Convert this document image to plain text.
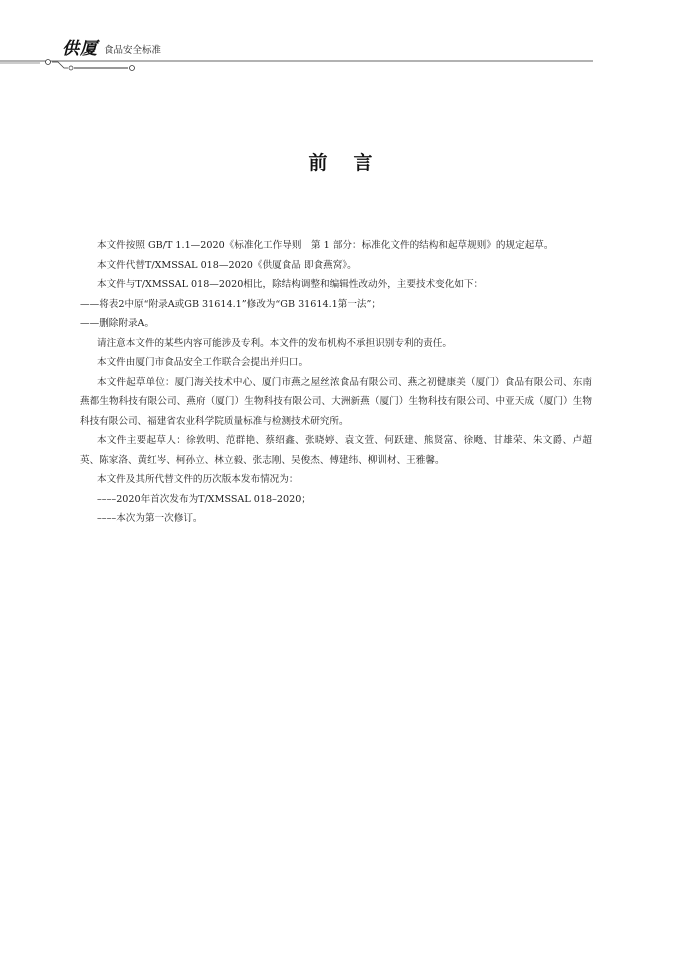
供厦 食品安全标准
前言

本文件按照 GB/T 1.1—2020《标准化工作导则　第 1 部分：标准化文件的结构和起草规则》的规定起草。

本文件代替T/XMSSAL 018—2020《供厦食品 即食燕窝》。

本文件与T/XMSSAL 018—2020相比，除结构调整和编辑性改动外，主要技术变化如下：

——将表2中原“附录A或GB 31614.1”修改为“GB 31614.1第一法”；

——删除附录A。

请注意本文件的某些内容可能涉及专利。本文件的发布机构不承担识别专利的责任。

本文件由厦门市食品安全工作联合会提出并归口。

本文件起草单位：厦门海关技术中心、厦门市燕之屋丝浓食品有限公司、燕之初健康美（厦门）食品有限公司、东南燕都生物科技有限公司、燕府（厦门）生物科技有限公司、大洲新燕（厦门）生物科技有限公司、中亚天成（厦门）生物科技有限公司、福建省农业科学院质量标准与检测技术研究所。

本文件主要起草人：徐敦明、范群艳、蔡绍鑫、张晓婷、袁文萱、何跃建、熊贤富、徐飏、甘雄荣、朱文爵、卢超英、陈家洛、黄红岑、柯孙立、林立毅、张志刚、吴俊杰、傅建纬、柳训材、王雅馨。

本文件及其所代替文件的历次版本发布情况为：

––––2020年首次发布为T/XMSSAL 018–2020；

––––本次为第一次修订。
